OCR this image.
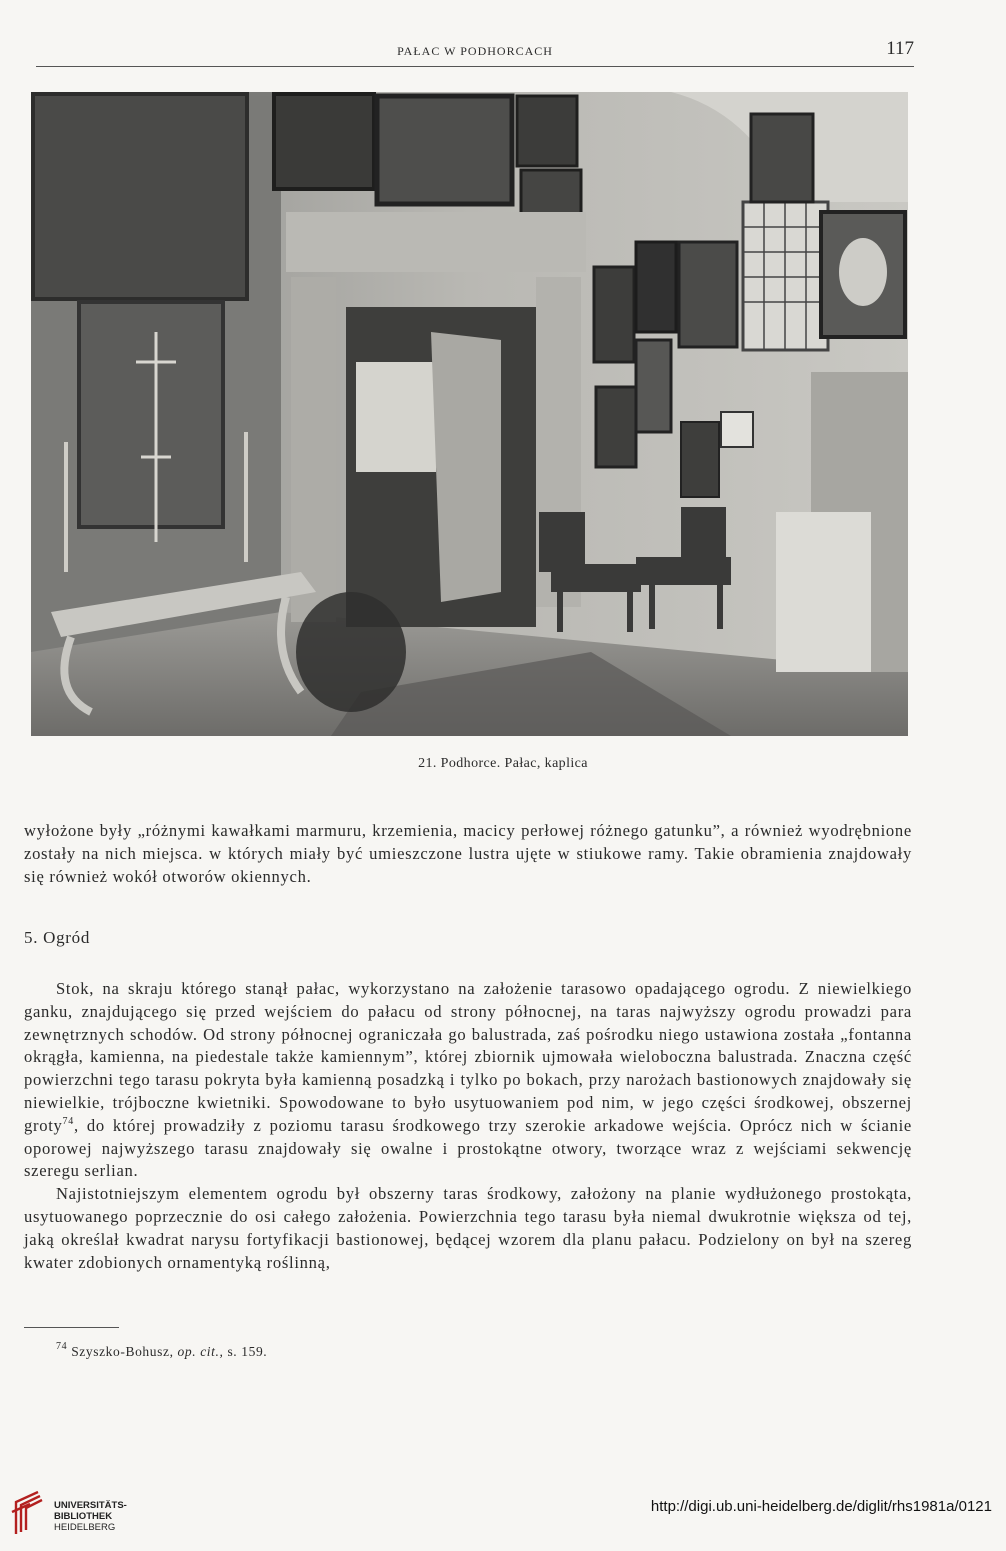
PAŁAC W PODHORCACH	117
21. Podhorce. Pałac, kaplica

wyłożone były „różnymi kawałkami marmuru, krzemienia, macicy perłowej różnego gatunku”, a również wyodrębnione zostały na nich miejsca. w których miały być umieszczone lustra ujęte w stiukowe ramy. Takie obramienia znajdowały się również wokół otworów okiennych.

5. Ogród

Stok, na skraju którego stanął pałac, wykorzystano na założenie tarasowo opadającego ogrodu. Z niewielkiego ganku, znajdującego się przed wejściem do pałacu od strony północnej, na taras najwyższy ogrodu prowadzi para zewnętrznych schodów. Od strony północnej ograniczała go balustrada, zaś pośrodku niego ustawiona została „fontanna okrągła, kamienna, na piedestale także kamiennym”, której zbiornik ujmowała wieloboczna balustrada. Znaczna część powierzchni tego tarasu pokryta była kamienną posadzką i tylko po bokach, przy narożach bastionowych znajdowały się niewielkie, trójboczne kwietniki. Spowodowane to było usytuowaniem pod nim, w jego części środkowej, obszernej groty$^{74}$, do której prowadziły z poziomu tarasu środkowego trzy szerokie arkadowe wejścia. Oprócz nich w ścianie oporowej najwyższego tarasu znajdowały się owalne i prostokątne otwory, tworzące wraz z wejściami sekwencję szeregu serlian.

Najistotniejszym elementem ogrodu był obszerny taras środkowy, założony na planie wydłużonego prostokąta, usytuowanego poprzecznie do osi całego założenia. Powierzchnia tego tarasu była niemal dwukrotnie większa od tej, jaką określał kwadrat narysu fortyfikacji bastionowej, będącej wzorem dla planu pałacu. Podzielony on był na szereg kwater zdobionych ornamentyką roślinną,

$^{74}$ Szyszko-Bohusz, op. cit., s. 159.
UNIVERSITÄTS-
BIBLIOTHEK
HEIDELBERG
http://digi.ub.uni-heidelberg.de/diglit/rhs1981a/0121
